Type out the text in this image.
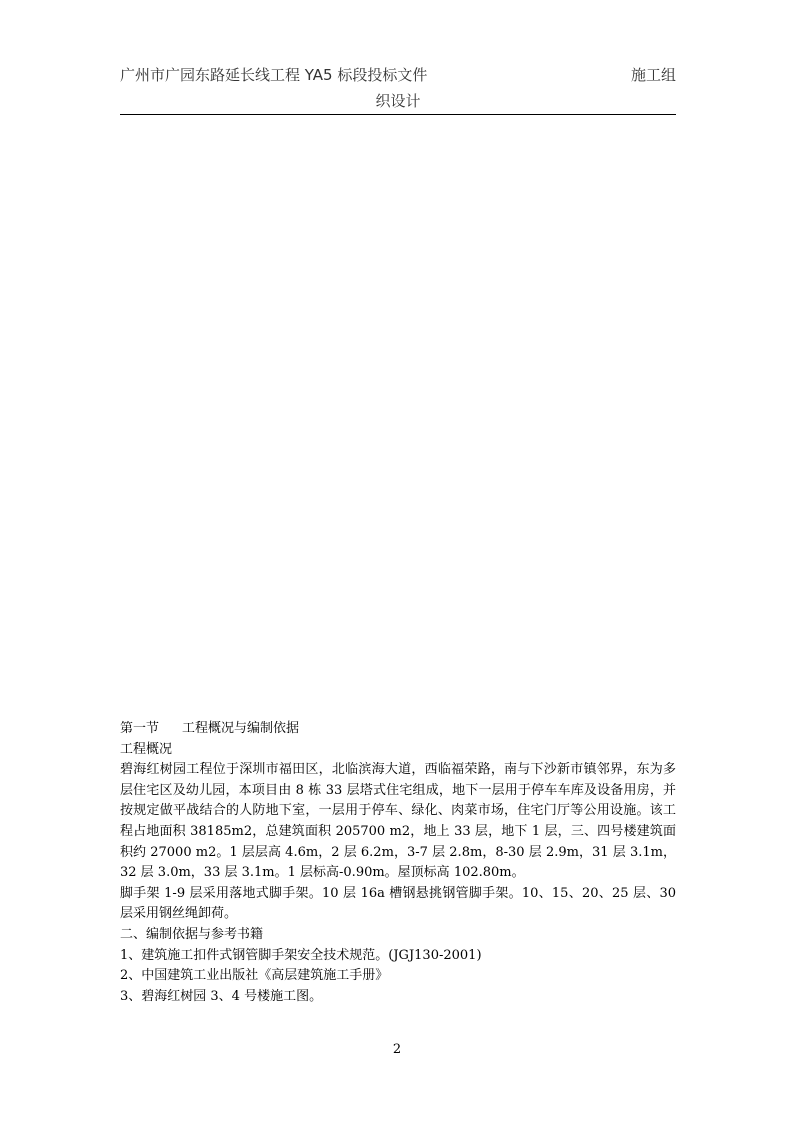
广州市广园东路延长线工程 YA5 标段投标文件	施工组
织设计

第一节 工程概况与编制依据

工程概况

碧海红树园工程位于深圳市福田区，北临滨海大道，西临福荣路，南与下沙新市镇邻界，东为多层住宅区及幼儿园，本项目由 8 栋 33 层塔式住宅组成，地下一层用于停车车库及设备用房，并按规定做平战结合的人防地下室，一层用于停车、绿化、肉菜市场，住宅门厅等公用设施。该工程占地面积 38185m2，总建筑面积 205700 m2，地上 33 层，地下 1 层，三、四号楼建筑面积约 27000 m2。1 层层高 4.6m，2 层 6.2m，3-7 层 2.8m，8-30 层 2.9m，31 层 3.1m，32 层 3.0m，33 层 3.1m。1 层标高-0.90m。屋顶标高 102.80m。

脚手架 1-9 层采用落地式脚手架。10 层 16a 槽钢悬挑钢管脚手架。10、15、20、25 层、30 层采用钢丝绳卸荷。

二、编制依据与参考书籍

1、建筑施工扣件式钢管脚手架安全技术规范。(JGJ130-2001)

2、中国建筑工业出版社《高层建筑施工手册》

3、碧海红树园 3、4 号楼施工图。

2
